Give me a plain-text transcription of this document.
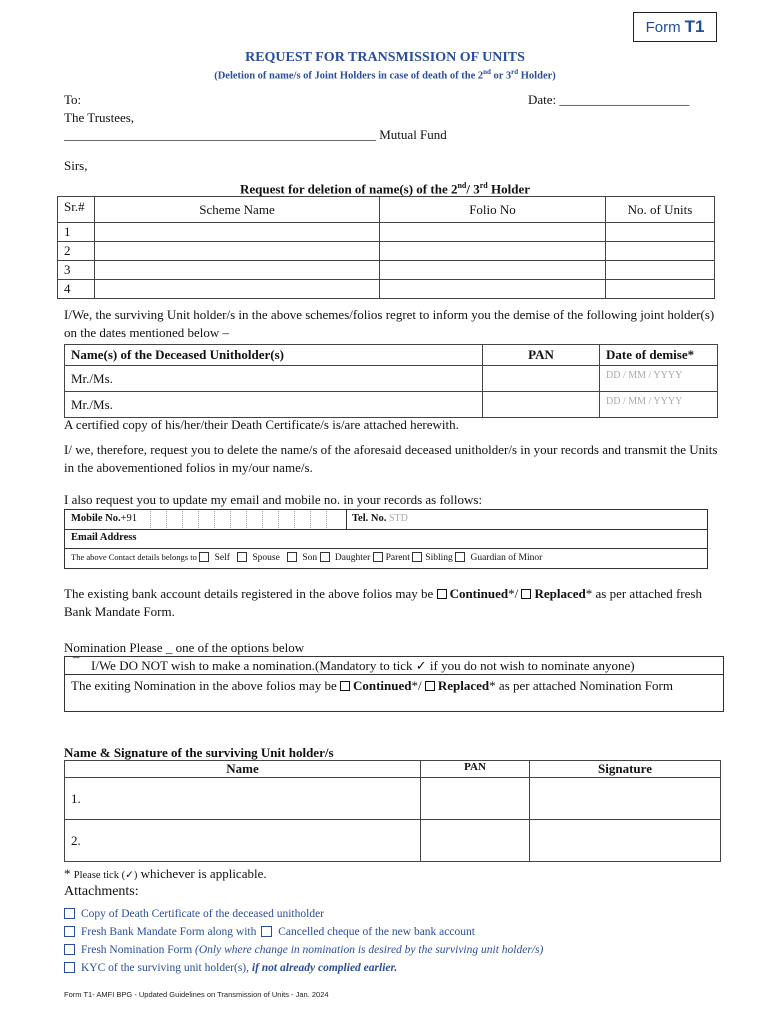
Form T1
REQUEST FOR TRANSMISSION OF UNITS
(Deletion of name/s of Joint Holders in case of death of the 2nd or 3rd Holder)
To:	Date: ____________________
The Trustees,
________________________________________________ Mutual Fund
Sirs,
Request for deletion of name(s) of the 2nd/ 3rd Holder
Sr.#	Scheme Name	Folio No	No. of Units
1			
2			
3			
4			
I/We, the surviving Unit holder/s in the above schemes/folios regret to inform you the demise of the following joint holder(s) on the dates mentioned below –
Name(s) of the Deceased Unitholder(s)	PAN	Date of demise*
Mr./Ms.		DD / MM / YYYY
Mr./Ms.		DD / MM / YYYY
A certified copy of his/her/their Death Certificate/s is/are attached herewith.
I/ we, therefore, request you to delete the name/s of the aforesaid deceased unitholder/s in your records and transmit the Units in the abovementioned folios in my/our name/s.
I also request you to update my email and mobile no. in your records as follows:
Mobile No.+91	Tel. No. STD
Email Address
The above Contact details belongs to Self Spouse Son Daughter Parent Sibling Guardian of Minor
The existing bank account details registered in the above folios may be Continued*/ Replaced* as per attached fresh Bank Mandate Form.
Nomination Please _ one of the options below
¯ I/We DO NOT wish to make a nomination.(Mandatory to tick ✓ if you do not wish to nominate anyone)
The exiting Nomination in the above folios may be Continued*/ Replaced* as per attached Nomination Form
Name & Signature of the surviving Unit holder/s
Name	PAN	Signature
1.		
2.		
* Please tick (✓) whichever is applicable.
Attachments:
Copy of Death Certificate of the deceased unitholder
Fresh Bank Mandate Form along with Cancelled cheque of the new bank account
Fresh Nomination Form (Only where change in nomination is desired by the surviving unit holder/s)
KYC of the surviving unit holder(s), if not already complied earlier.
Form T1- AMFI BPG - Updated Guidelines on Transmission of Units - Jan. 2024
